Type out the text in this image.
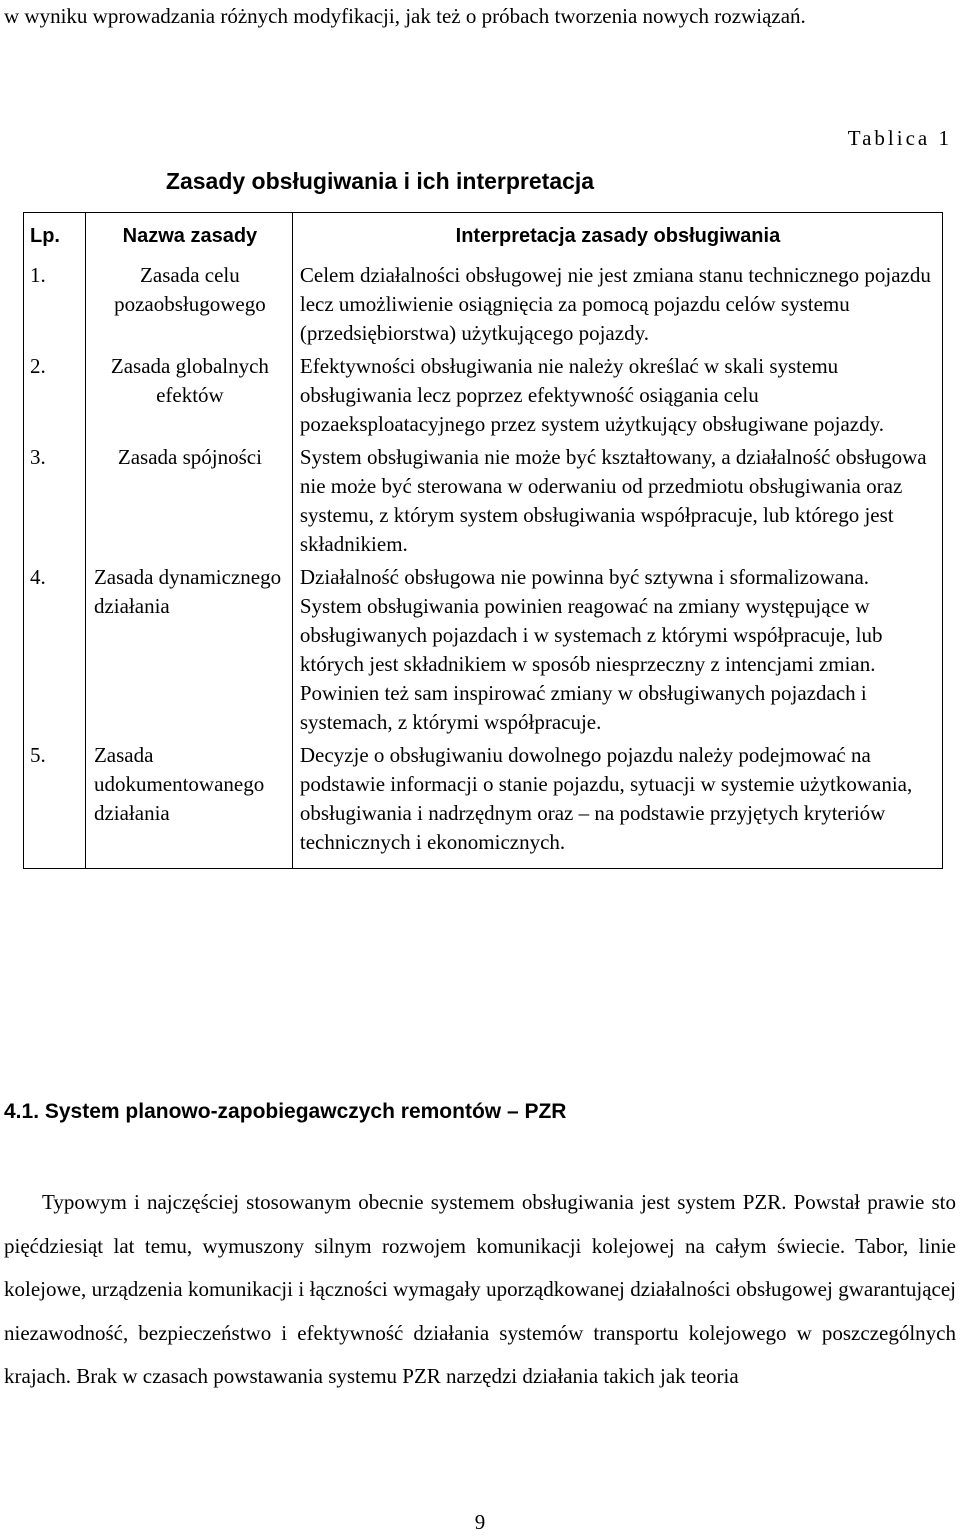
w wyniku wprowadzania różnych modyfikacji, jak też o próbach tworzenia nowych rozwiązań.

Tablica 1
Zasady obsługiwania i ich interpretacja
Lp.	Nazwa zasady	Interpretacja zasady obsługiwania

1.	Zasada celu pozaobsługowego	Celem działalności obsługowej nie jest zmiana stanu technicznego pojazdu lecz umożliwienie osiągnięcia za pomocą pojazdu celów systemu (przedsiębiorstwa) użytkującego pojazdy.

2.	Zasada globalnych efektów	Efektywności obsługiwania nie należy określać w skali systemu obsługiwania lecz poprzez efektywność osiągania celu pozaeksploatacyjnego przez system użytkujący obsługiwane pojazdy.

3.	Zasada spójności	System obsługiwania nie może być kształtowany, a działalność obsługowa nie może być sterowana w oderwaniu od przedmiotu obsługiwania oraz systemu, z którym system obsługiwania współpracuje, lub którego jest składnikiem.

4.	Zasada dynamicznego działania	Działalność obsługowa nie powinna być sztywna i sformalizowana. System obsługiwania powinien reagować na zmiany występujące w obsługiwanych pojazdach i w systemach z którymi współpracuje, lub których jest składnikiem w sposób niesprzeczny z intencjami zmian. Powinien też sam inspirować zmiany w obsługiwanych pojazdach i systemach, z którymi współpracuje.

5.	Zasada udokumentowanego działania	Decyzje o obsługiwaniu dowolnego pojazdu należy podejmować na podstawie informacji o stanie pojazdu, sytuacji w systemie użytkowania, obsługiwania i nadrzędnym oraz – na podstawie przyjętych kryteriów technicznych i ekonomicznych.
4.1. System planowo-zapobiegawczych remontów – PZR

Typowym i najczęściej stosowanym obecnie systemem obsługiwania jest system PZR. Powstał prawie sto pięćdziesiąt lat temu, wymuszony silnym rozwojem komunikacji kolejowej na całym świecie. Tabor, linie kolejowe, urządzenia komunikacji i łączności wymagały uporządkowanej działalności obsługowej gwarantującej niezawodność, bezpieczeństwo i efektywność działania systemów transportu kolejowego w poszczególnych krajach. Brak w czasach powstawania systemu PZR narzędzi działania takich jak teoria

9
